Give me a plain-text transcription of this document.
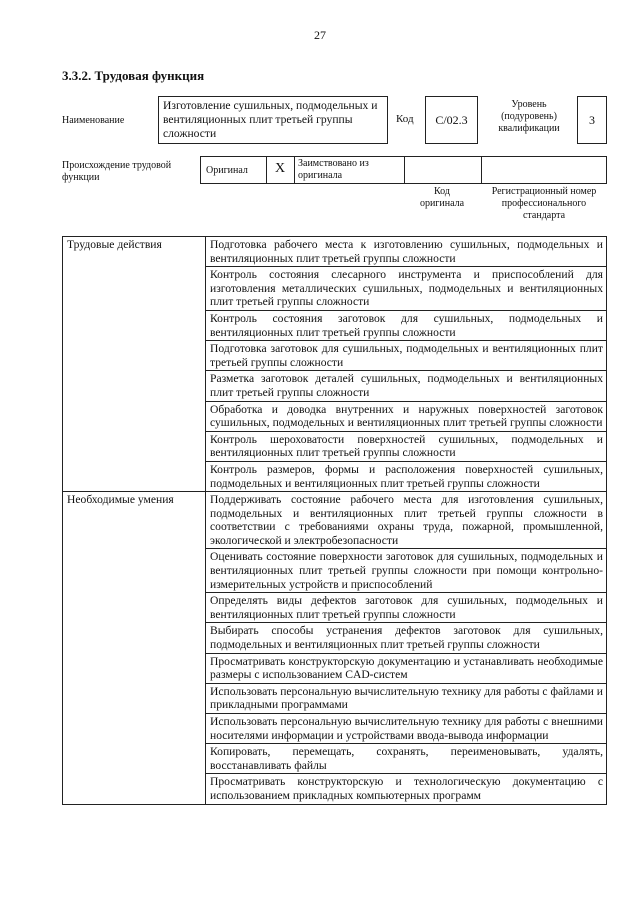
27
3.3.2. Трудовая функция
Наименование
Изготовление сушильных, подмодельных и вентиляционных плит третьей группы сложности
Код C/02.3
Уровень (подуровень) квалификации
3
Происхождение трудовой функции
Оригинал	X	Заимствовано из оригинала
Код оригинала
Регистрационный номер профессионального стандарта
Трудовые действия	Подготовка рабочего места к изготовлению сушильных, подмодельных и вентиляционных плит третьей группы сложности
	Контроль состояния слесарного инструмента и приспособлений для изготовления металлических сушильных, подмодельных и вентиляционных плит третьей группы сложности
	Контроль состояния заготовок для сушильных, подмодельных и вентиляционных плит третьей группы сложности
	Подготовка заготовок для сушильных, подмодельных и вентиляционных плит третьей группы сложности
	Разметка заготовок деталей сушильных, подмодельных и вентиляционных плит третьей группы сложности
	Обработка и доводка внутренних и наружных поверхностей заготовок сушильных, подмодельных и вентиляционных плит третьей группы сложности
	Контроль шероховатости поверхностей сушильных, подмодельных и вентиляционных плит третьей группы сложности
	Контроль размеров, формы и расположения поверхностей сушильных, подмодельных и вентиляционных плит третьей группы сложности
Необходимые умения	Поддерживать состояние рабочего места для изготовления сушильных, подмодельных и вентиляционных плит третьей группы сложности в соответствии с требованиями охраны труда, пожарной, промышленной, экологической и электробезопасности
	Оценивать состояние поверхности заготовок для сушильных, подмодельных и вентиляционных плит третьей группы сложности при помощи контрольно-измерительных устройств и приспособлений
	Определять виды дефектов заготовок для сушильных, подмодельных и вентиляционных плит третьей группы сложности
	Выбирать способы устранения дефектов заготовок для сушильных, подмодельных и вентиляционных плит третьей группы сложности
	Просматривать конструкторскую документацию и устанавливать необходимые размеры с использованием CAD-систем
	Использовать персональную вычислительную технику для работы с файлами и прикладными программами
	Использовать персональную вычислительную технику для работы с внешними носителями информации и устройствами ввода-вывода информации
	Копировать, перемещать, сохранять, переименовывать, удалять, восстанавливать файлы
	Просматривать конструкторскую и технологическую документацию с использованием прикладных компьютерных программ
